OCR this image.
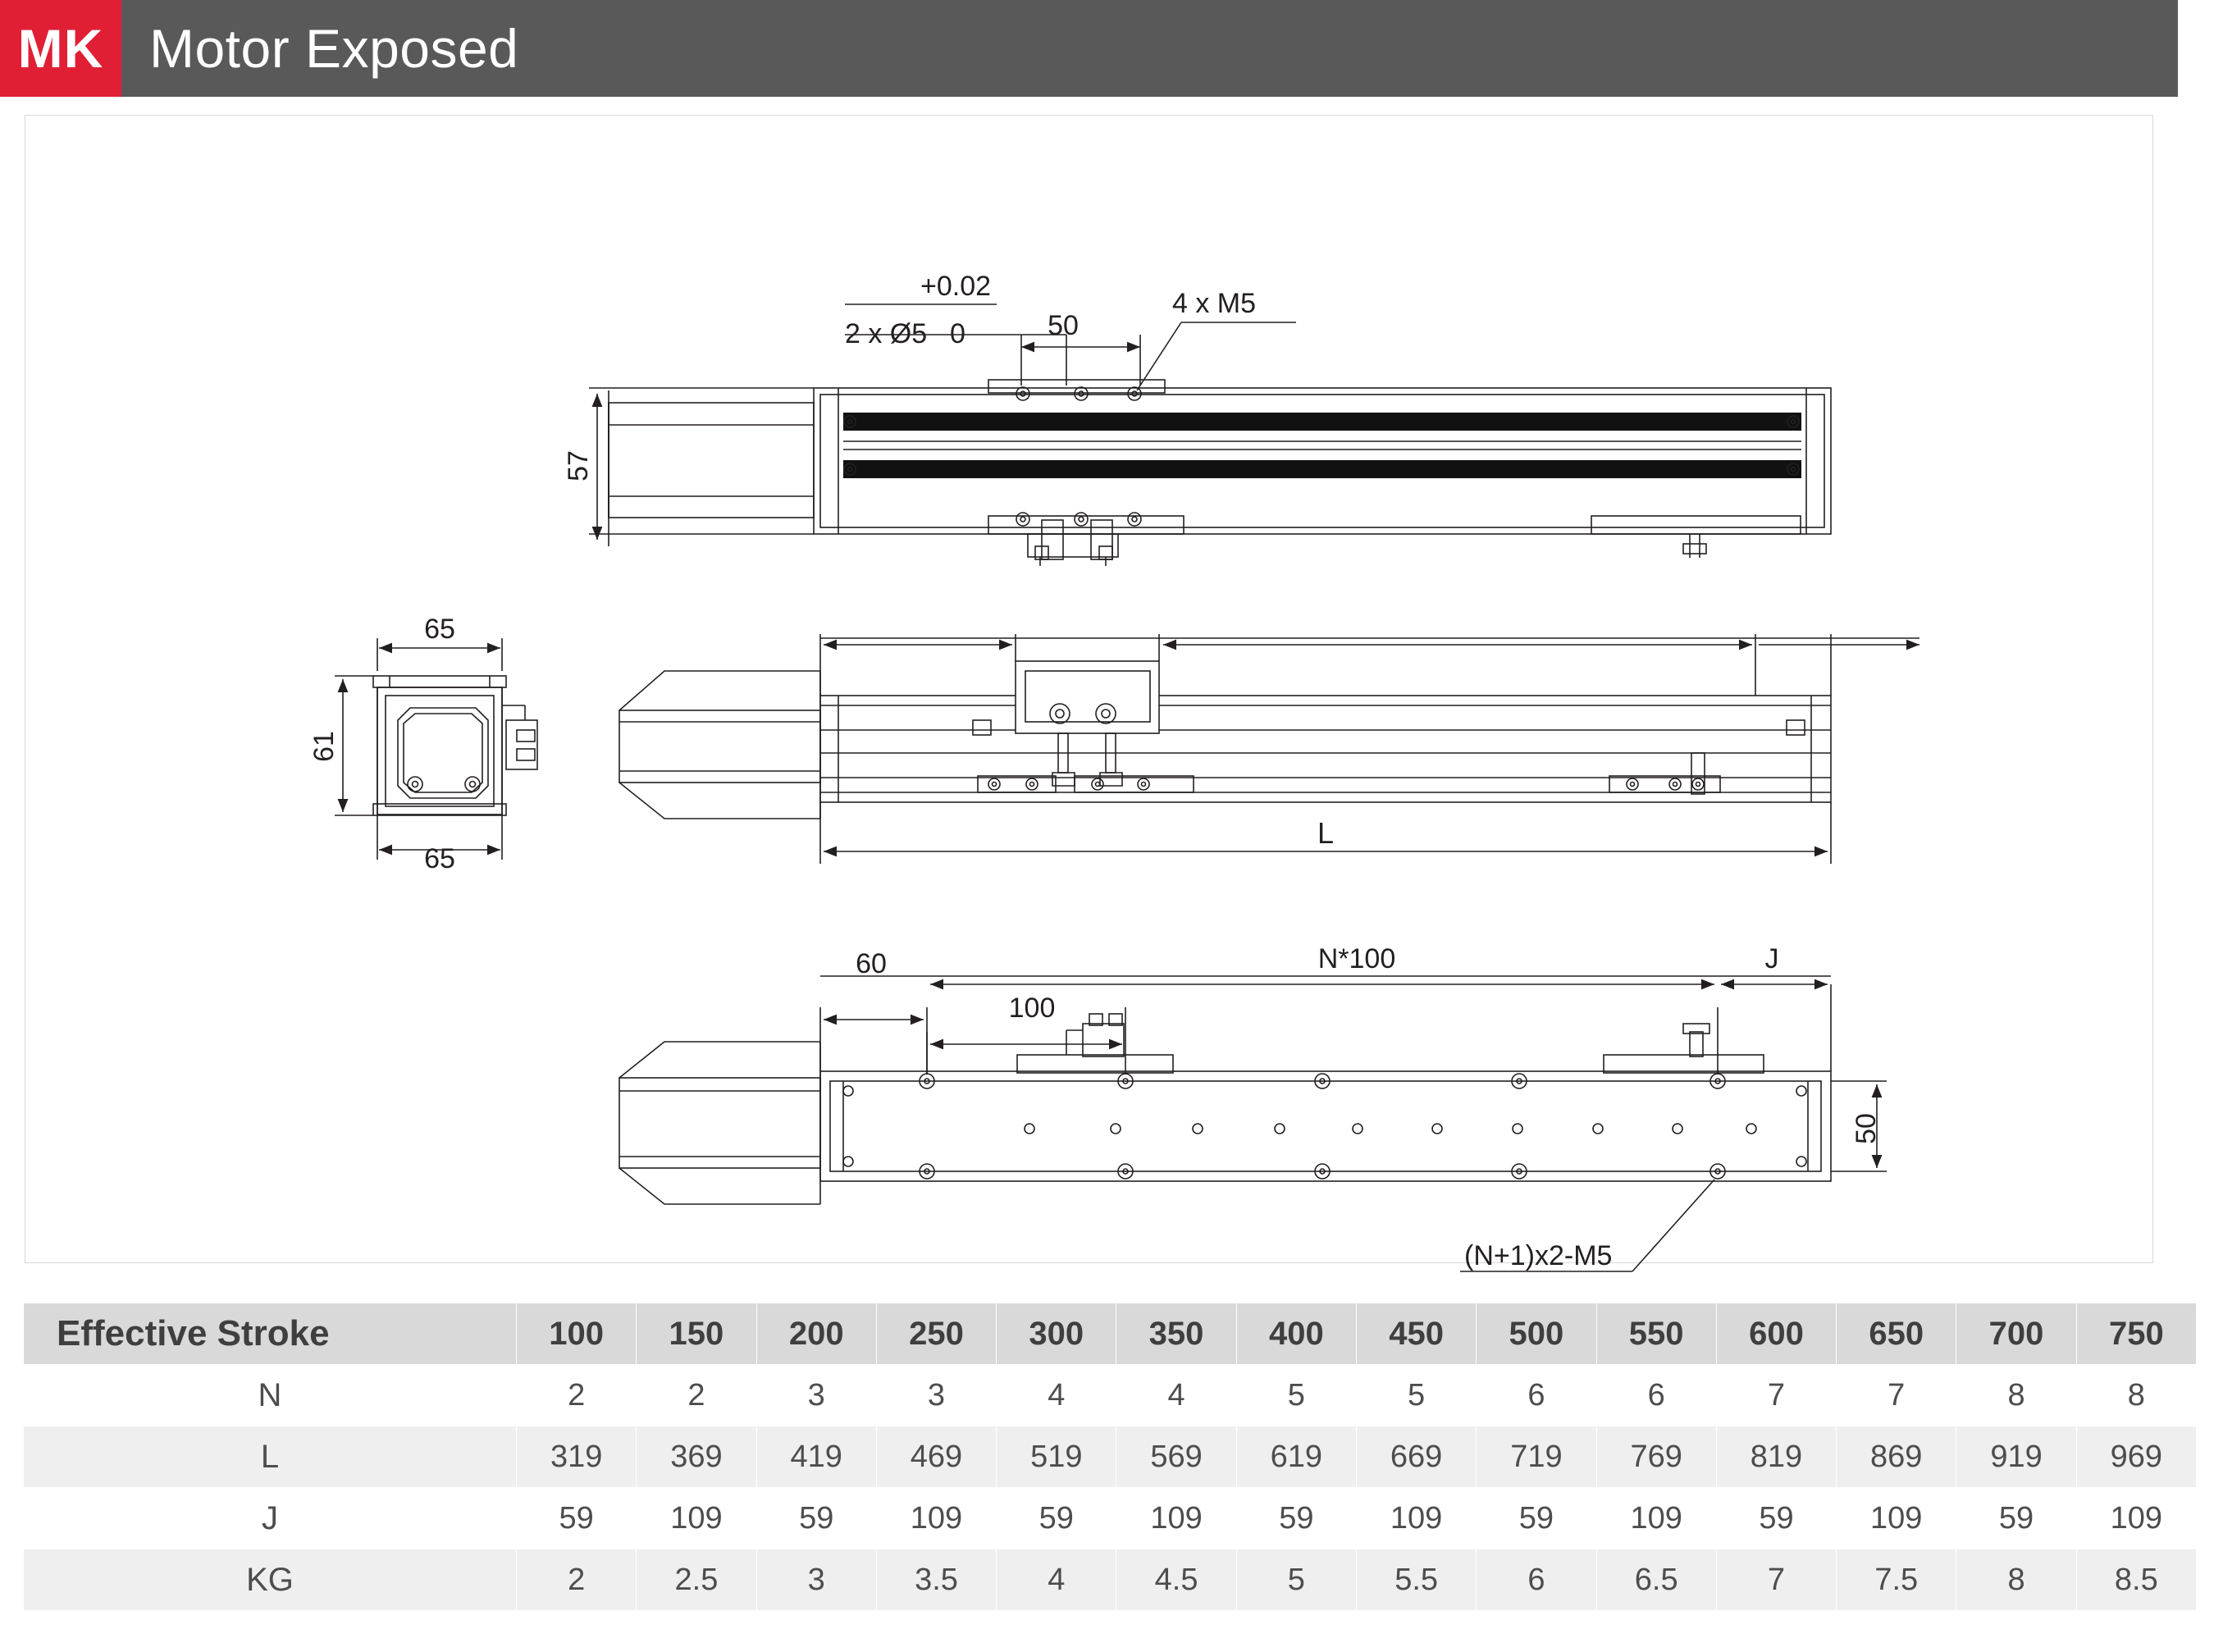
MK Motor Exposed
+0.02
2 x Ø5 0	50
4 x M5
57
65
65
61
L
60
100
N*100	J
50
(N+1)x2-M5
Effective Stroke	100	150	200	250	300	350	400	450	500	550	600	650	700	750
N	2	2	3	3	4	4	5	5	6	6	7	7	8	8
L	319	369	419	469	519	569	619	669	719	769	819	869	919	969
J	59	109	59	109	59	109	59	109	59	109	59	109	59	109
KG	2	2.5	3	3.5	4	4.5	5	5.5	6	6.5	7	7.5	8	8.5
